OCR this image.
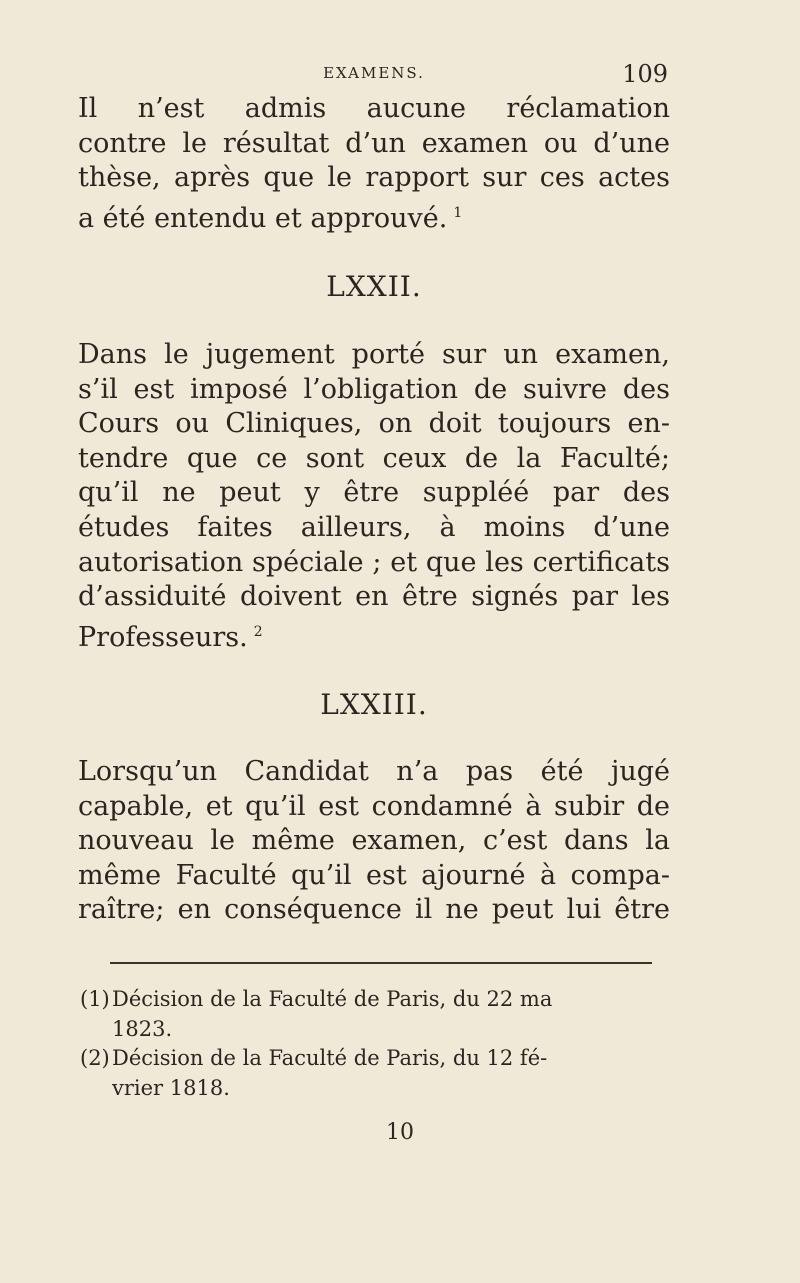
EXAMENS.	109

Il n’est admis aucune réclamation
contre le résultat d’un examen ou d’une
thèse, après que le rapport sur ces actes
a été entendu et approuvé. $^1$

LXXII.

Dans le jugement porté sur un examen,
s’il est imposé l’obligation de suivre des
Cours ou Cliniques, on doit toujours en-
tendre que ce sont ceux de la Faculté;
qu’il ne peut y être suppléé par des
études faites ailleurs, à moins d’une
autorisation spéciale ; et que les certificats
d’assiduité doivent en être signés par les
Professeurs. $^2$

LXXIII.

Lorsqu’un Candidat n’a pas été jugé
capable, et qu’il est condamné à subir de
nouveau le même examen, c’est dans la
même Faculté qu’il est ajourné à compa-
raître; en conséquence il ne peut lui être

(1) Décision de la Faculté de Paris, du 22 ma
1823.
(2) Décision de la Faculté de Paris, du 12 fé-
vrier 1818.
10
